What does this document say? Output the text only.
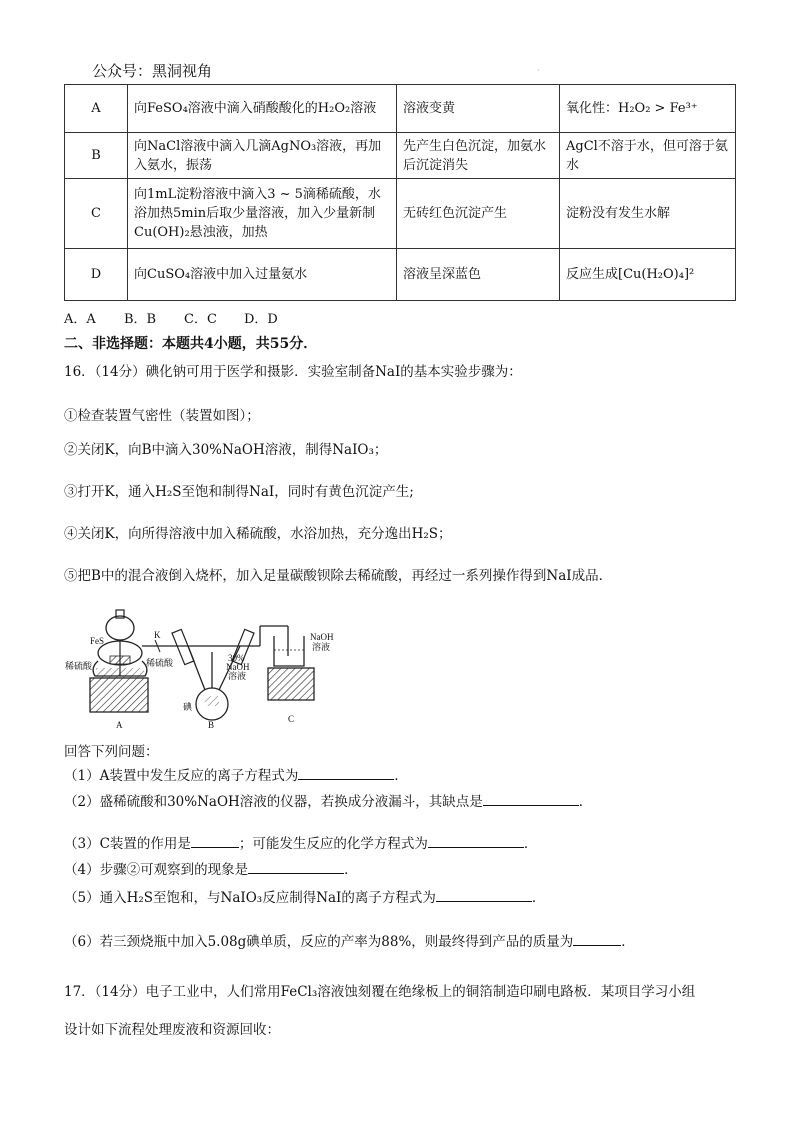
公众号：黑洞视角	·
A	向FeSO₄溶液中滴入硝酸酸化的H₂O₂溶液	溶液变黄	氧化性：H₂O₂ > Fe³⁺
B	向NaCl溶液中滴入几滴AgNO₃溶液，再加入氨水，振荡	先产生白色沉淀，加氨水后沉淀消失	AgCl不溶于水，但可溶于氨水
C	向1mL淀粉溶液中滴入3 ~ 5滴稀硫酸，水浴加热5min后取少量溶液，加入少量新制Cu(OH)₂悬浊液，加热	无砖红色沉淀产生	淀粉没有发生水解
D	向CuSO₄溶液中加入过量氨水	溶液呈深蓝色	反应生成[Cu(H₂O)₄]²
A．A	B．B	C．C	D．D
二、非选择题：本题共4小题，共55分．
16．（14分）碘化钠可用于医学和摄影．实验室制备NaI的基本实验步骤为：
①检查装置气密性（装置如图）；
②关闭K，向B中滴入30%NaOH溶液，制得NaIO₃；
③打开K，通入H₂S至饱和制得NaI，同时有黄色沉淀产生;
④关闭K，向所得溶液中加入稀硫酸，水浴加热，充分逸出H₂S；
⑤把B中的混合液倒入烧杯，加入足量碳酸钡除去稀硫酸，再经过一系列操作得到NaI成品．
FeS
稀硫酸
K
稀硫酸	30%
NaOH
溶液
碘
NaOH
溶液
A	B
C
回答下列问题：
（1）A装置中发生反应的离子方程式为	．
（2）盛稀硫酸和30%NaOH溶液的仪器，若换成分液漏斗，其缺点是	．
（3）C装置的作用是	；可能发生反应的化学方程式为	．
（4）步骤②可观察到的现象是	．
（5）通入H₂S至饱和，与NaIO₃反应制得NaI的离子方程式为	．
（6）若三颈烧瓶中加入5.08g碘单质，反应的产率为88%，则最终得到产品的质量为	．
17．（14分）电子工业中，人们常用FeCl₃溶液蚀刻覆在绝缘板上的铜箔制造印刷电路板．某项目学习小组
设计如下流程处理废液和资源回收：
